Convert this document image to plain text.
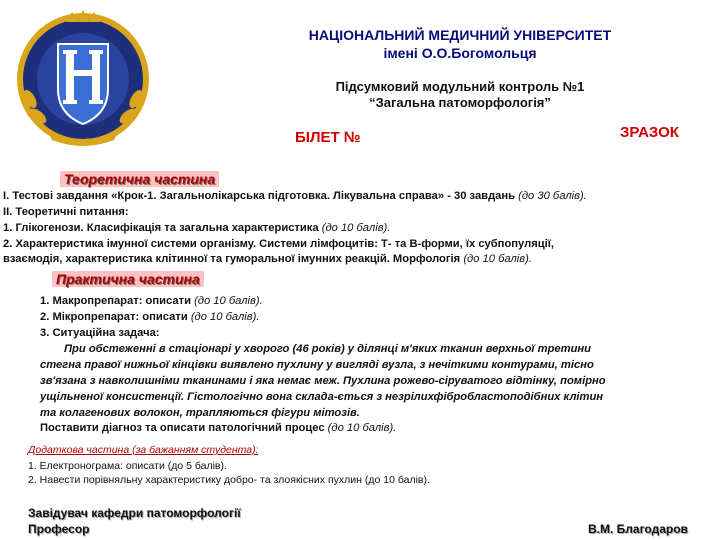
НАЦІОНАЛЬНИЙ МЕДИЧНИЙ УНІВЕРСИТЕТ
імені О.О.Богомольця
Підсумковий модульний контроль №1
“Загальна патоморфологія”
БІЛЕТ №	ЗРАЗОК
Теоретична частина
І. Тестові завдання «Крок-1. Загальнолікарська підготовка. Лікувальна справа» - 30 завдань (до 30 балів).
ІІ. Теоретичні питання:
1. Глікогенози. Класифікація та загальна характеристика (до 10 балів).
2. Характеристика імунної системи організму. Системи лімфоцитів: Т- та В-форми, їх субпопуляції,
взаємодія, характеристика клітинної та гуморальної імунних реакцій. Морфологія (до 10 балів).
Практична частина
1. Макропрепарат: описати (до 10 балів).
2. Мікропрепарат: описати (до 10 балів).
3. Ситуаційна задача:
При обстеженні в стаціонарі у хворого (46 років) у ділянці м'яких тканин верхньої третини
стегна правої нижньої кінцівки виявлено пухлину у вигляді вузла, з нечіткими контурами, тісно
зв'язана з навколишніми тканинами і яка немає меж. Пухлина рожево-сіруватого відтінку, помірно
ущільненої консистенції. Гістологічно вона склада-ється з незрілихфібробластоподібних клітин
та колагенових волокон, трапляються фігури мітозів.
Поставити діагноз та описати патологічний процес (до 10 балів).
Додаткова частина (за бажанням студента):
1. Електронограма: описати (до 5 балів).
2. Навести порівняльну характеристику добро- та злоякісних пухлин (до 10 балів).
Завідувач кафедри патоморфології
Професор	В.М. Благодаров
